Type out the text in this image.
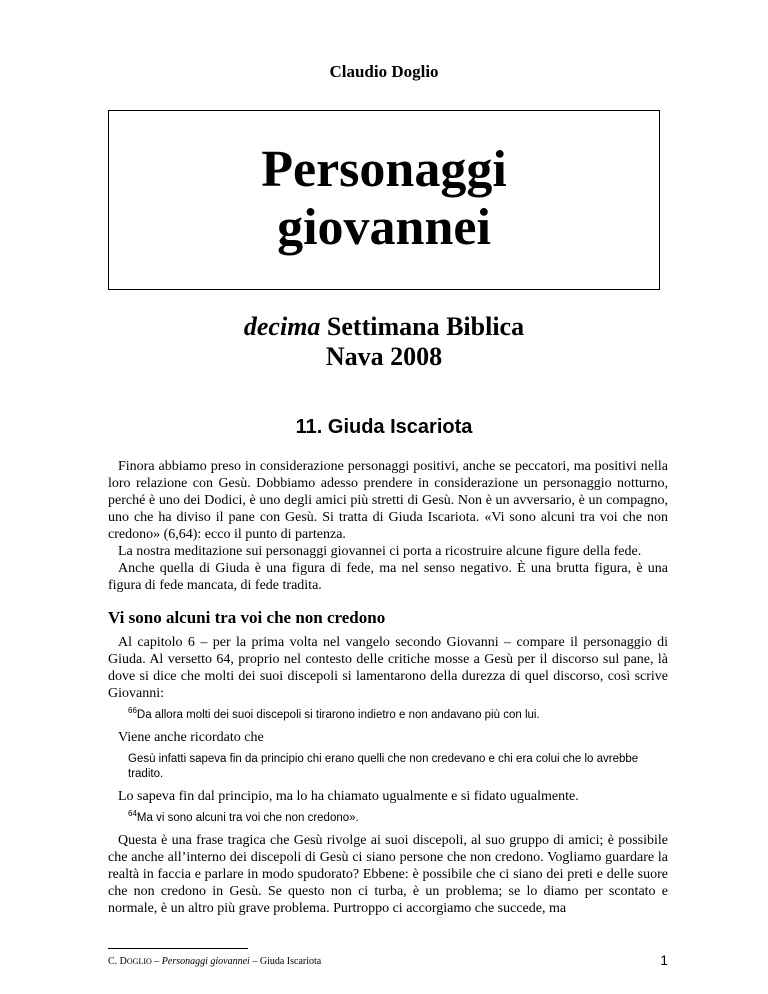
Claudio Doglio
Personaggi
giovannei
decima Settimana Biblica
Nava 2008
11. Giuda Iscariota

Finora abbiamo preso in considerazione personaggi positivi, anche se peccatori, ma positivi nella loro relazione con Gesù. Dobbiamo adesso prendere in considerazione un personaggio notturno, perché è uno dei Dodici, è uno degli amici più stretti di Gesù. Non è un avversario, è un compagno, uno che ha diviso il pane con Gesù. Si tratta di Giuda Iscariota. «Vi sono alcuni tra voi che non credono» (6,64): ecco il punto di partenza.

La nostra meditazione sui personaggi giovannei ci porta a ricostruire alcune figure della fede.

Anche quella di Giuda è una figura di fede, ma nel senso negativo. È una brutta figura, è una figura di fede mancata, di fede tradita.

Vi sono alcuni tra voi che non credono

Al capitolo 6 – per la prima volta nel vangelo secondo Giovanni – compare il personaggio di Giuda. Al versetto 64, proprio nel contesto delle critiche mosse a Gesù per il discorso sul pane, là dove si dice che molti dei suoi discepoli si lamentarono della durezza di quel discorso, così scrive Giovanni:

$^{66}$Da allora molti dei suoi discepoli si tirarono indietro e non andavano più con lui.
Viene anche ricordato che
Gesù infatti sapeva fin da principio chi erano quelli che non credevano e chi era colui che lo avrebbe tradito.
Lo sapeva fin dal principio, ma lo ha chiamato ugualmente e si fidato ugualmente.
$^{64}$Ma vi sono alcuni tra voi che non credono».

Questa è una frase tragica che Gesù rivolge ai suoi discepoli, al suo gruppo di amici; è possibile che anche all’interno dei discepoli di Gesù ci siano persone che non credono. Vogliamo guardare la realtà in faccia e parlare in modo spudorato? Ebbene: è possibile che ci siano dei preti e delle suore che non credono in Gesù. Se questo non ci turba, è un problema; se lo diamo per scontato e normale, è un altro più grave problema. Purtroppo ci accorgiamo che succede, ma

C. DOGLIO – Personaggi giovannei – Giuda Iscariota	1
